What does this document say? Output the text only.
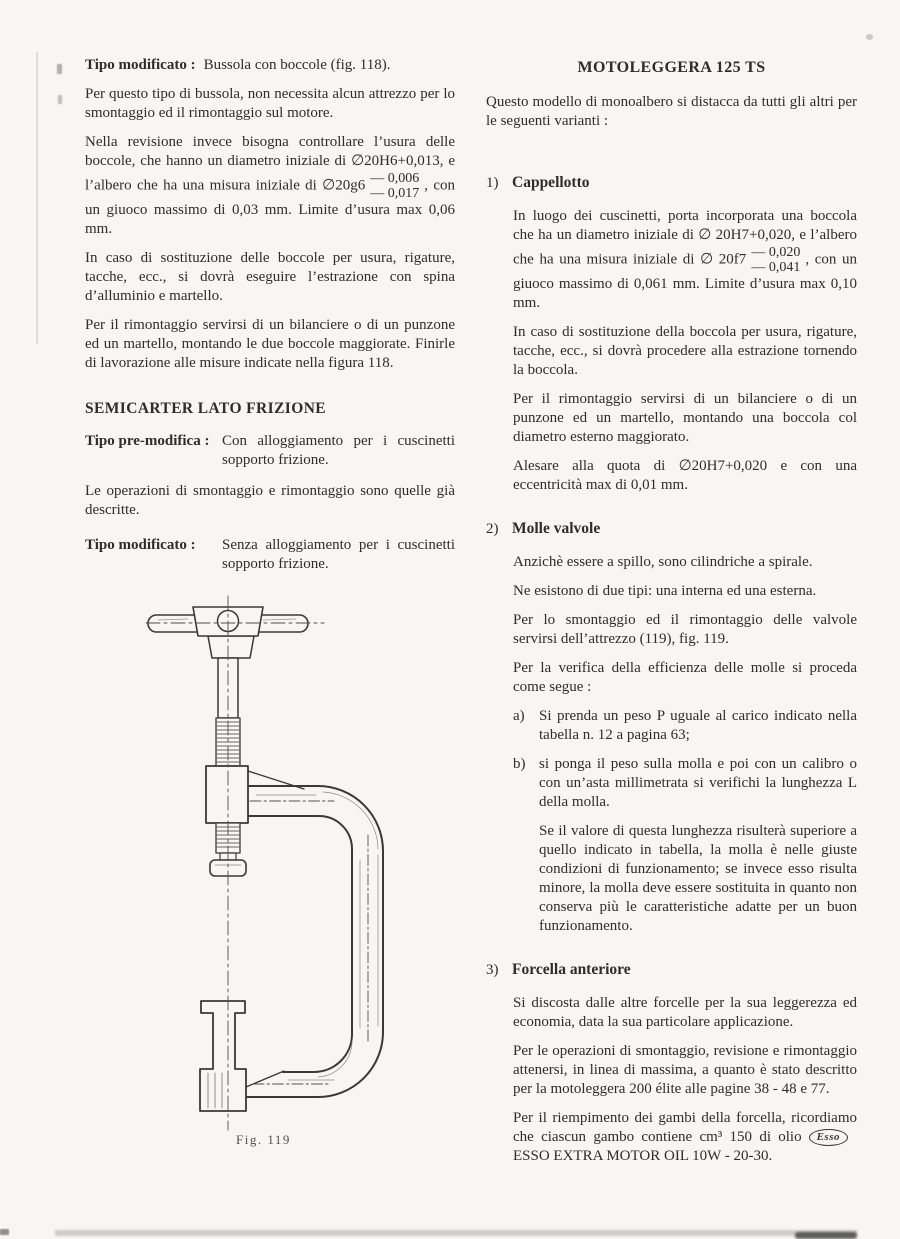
Tipo modificato : Bussola con boccole (fig. 118).

Per questo tipo di bussola, non necessita alcun attrezzo per lo smontaggio ed il rimontaggio sul motore.

Nella revisione invece bisogna controllare l’usura delle boccole, che hanno un diametro iniziale di ∅20H6+0,013, e l’albero che ha una misura iniziale di ∅20g6 — 0,006
— 0,017
, con un giuoco massimo di 0,03 mm. Limite d’usura max 0,06 mm.

In caso di sostituzione delle boccole per usura, rigature, tacche, ecc., si dovrà eseguire l’estrazione con spina d’alluminio e martello.

Per il rimontaggio servirsi di un bilanciere o di un punzone ed un martello, montando le due boccole maggiorate. Finirle di lavorazione alle misure indicate nella figura 118.

SEMICARTER LATO FRIZIONE
Tipo pre-modifica : Con alloggiamento per i cuscinetti sopporto frizione.

Le operazioni di smontaggio e rimontaggio sono quelle già descritte.

Tipo modificato :	Senza alloggiamento per i cuscinetti sopporto frizione.
Fig. 119
MOTOLEGGERA 125 TS

Questo modello di monoalbero si distacca da tutti gli altri per le seguenti varianti :

1) Cappellotto

In luogo dei cuscinetti, porta incorporata una boccola che ha un diametro iniziale di ∅ 20H7+0,020, e l’albero che ha una misura iniziale di ∅ 20f7 — 0,020
— 0,041
, con un giuoco massimo di 0,061 mm. Limite d’usura max 0,10 mm.

In caso di sostituzione della boccola per usura, rigature, tacche, ecc., si dovrà procedere alla estrazione tornendo la boccola.

Per il rimontaggio servirsi di un bilanciere o di un punzone ed un martello, montando una boccola col diametro esterno maggiorato.

Alesare alla quota di ∅20H7+0,020 e con una eccentricità max di 0,01 mm.

2) Molle valvole

Anzichè essere a spillo, sono cilindriche a spirale.

Ne esistono di due tipi: una interna ed una esterna.

Per lo smontaggio ed il rimontaggio delle valvole servirsi dell’attrezzo (119), fig. 119.

Per la verifica della efficienza delle molle si proceda come segue :

a) Si prenda un peso P uguale al carico indicato nella tabella n. 12 a pagina 63;
b) si ponga il peso sulla molla e poi con un calibro o con un’asta millimetrata si verifichi la lunghezza L della molla.

Se il valore di questa lunghezza risulterà superiore a quello indicato in tabella, la molla è nelle giuste condizioni di funzionamento; se invece esso risulta minore, la molla deve essere sostituita in quanto non conserva più le caratteristiche adatte per un buon funzionamento.

3) Forcella anteriore

Si discosta dalle altre forcelle per la sua leggerezza ed economia, data la sua particolare applicazione.

Per le operazioni di smontaggio, revisione e rimontaggio attenersi, in linea di massima, a quanto è stato descritto per la motoleggera 200 élite alle pagine 38 - 48 e 77.

Per il riempimento dei gambi della forcella, ricordiamo che ciascun gambo contiene cm³ 150 di olio EssoESSO EXTRA MOTOR OIL 10W - 20-30.
